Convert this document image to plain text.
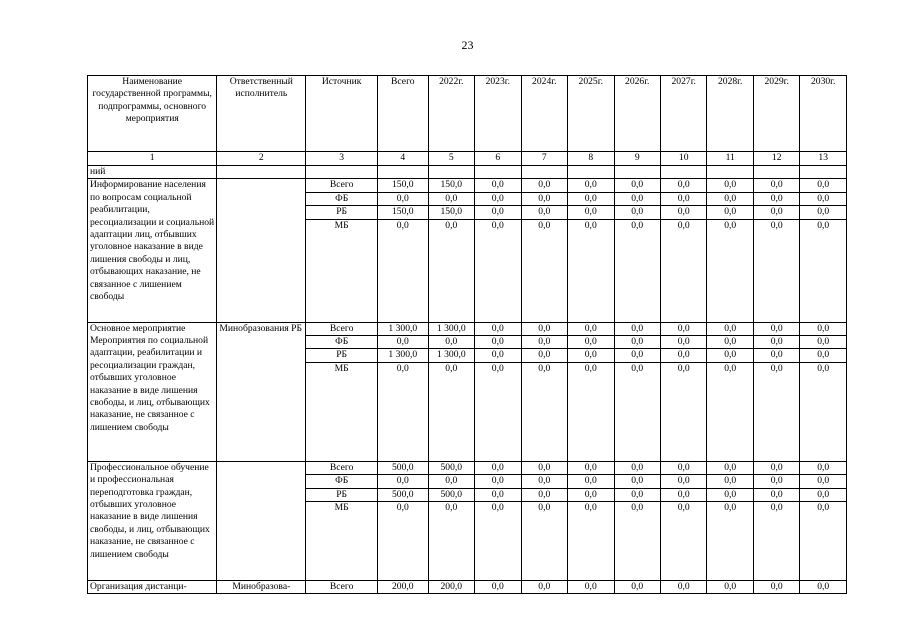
23
Наименование государственной программы, подпрограммы, основного мероприятия	Ответственный исполнитель	Источник	Всего	2022г.	2023г.	2024г.	2025г.	2026г.	2027г.	2028г.	2029г.	2030г.
1	2	3	4	5	6	7	8	9	10	11	12	13
ний												
Информирование населения по вопросам социальной реабилитации, ресоциализации и социальной адаптации лиц, отбывших уголовное наказание в виде лишения свободы и лиц, отбывающих наказание, не связанное с лишением свободы		Всего	150,0	150,0	0,0	0,0	0,0	0,0	0,0	0,0	0,0	0,0
		ФБ	0,0	0,0	0,0	0,0	0,0	0,0	0,0	0,0	0,0	0,0
		РБ	150,0	150,0	0,0	0,0	0,0	0,0	0,0	0,0	0,0	0,0
		МБ	0,0	0,0	0,0	0,0	0,0	0,0	0,0	0,0	0,0	0,0
Основное мероприятие Мероприятия по социальной адаптации, реабилитации и ресоциализации граждан, отбывших уголовное наказание в виде лишения свободы, и лиц, отбывающих наказание, не связанное с лишением свободы	Минобразования РБ	Всего	1 300,0	1 300,0	0,0	0,0	0,0	0,0	0,0	0,0	0,0	0,0
		ФБ	0,0	0,0	0,0	0,0	0,0	0,0	0,0	0,0	0,0	0,0
		РБ	1 300,0	1 300,0	0,0	0,0	0,0	0,0	0,0	0,0	0,0	0,0
		МБ	0,0	0,0	0,0	0,0	0,0	0,0	0,0	0,0	0,0	0,0
Профессиональное обучение и профессиональная переподготовка граждан, отбывших уголовное наказание в виде лишения свободы, и лиц, отбывающих наказание, не связанное с лишением свободы		Всего	500,0	500,0	0,0	0,0	0,0	0,0	0,0	0,0	0,0	0,0
		ФБ	0,0	0,0	0,0	0,0	0,0	0,0	0,0	0,0	0,0	0,0
		РБ	500,0	500,0	0,0	0,0	0,0	0,0	0,0	0,0	0,0	0,0
		МБ	0,0	0,0	0,0	0,0	0,0	0,0	0,0	0,0	0,0	0,0
Организация дистанци-	Минобразова-	Всего	200,0	200,0	0,0	0,0	0,0	0,0	0,0	0,0	0,0	0,0
